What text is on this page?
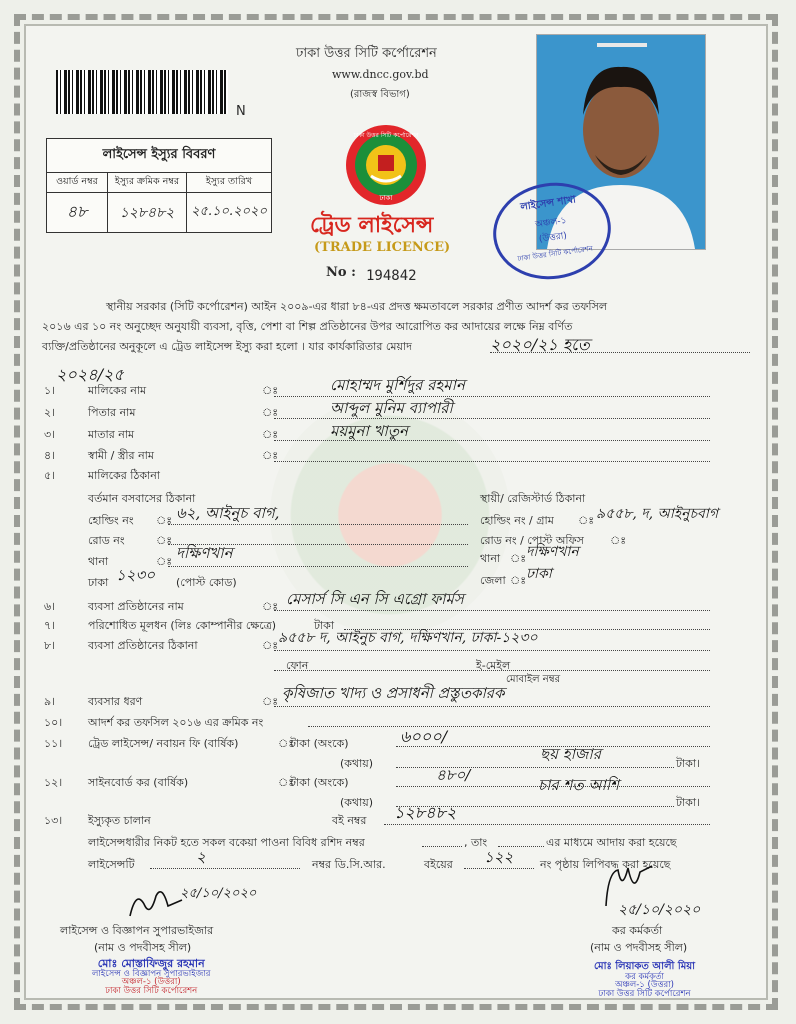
N
ঢাকা উত্তর সিটি কর্পোরেশন
www.dncc.gov.bd
(রাজস্ব বিভাগ)
ঢাকা উত্তর সিটি কর্পোরেশন
ঢাকা
ট্রেড লাইসেন্স
(TRADE LICENCE)
No : 194842
লাইসেন্স ইস্যুর বিবরণ		
ওয়ার্ড নম্বর	ইস্যুর ক্রমিক নম্বর	ইস্যুর তারিখ
৪৮	১২৮৪৮২	২৫.১০.২০২০	লাইসেন্স শাখা
অঞ্চল-১
(উত্তরা)
ঢাকা উত্তর সিটি কর্পোরেশন
স্থানীয় সরকার (সিটি কর্পোরেশন) আইন ২০০৯-এর ধারা ৮৪-এর প্রদত্ত ক্ষমতাবলে সরকার প্রণীত আদর্শ কর তফসিল
২০১৬ এর ১০ নং অনুচ্ছেদ অনুযায়ী ব্যবসা, বৃত্তি, পেশা বা শিল্প প্রতিষ্ঠানের উপর আরোপিত কর আদায়ের লক্ষে নিম্ন বর্ণিত
ব্যক্তি/প্রতিষ্ঠানের অনুকূলে এ ট্রেড লাইসেন্স ইস্যু করা হলো । যার কার্যকারিতার মেয়াদ	২০২০/২১ হতে
২০২৪/২৫
১।	মালিকের নাম	ঃ	মোহাম্মদ মুর্শিদুর রহমান
২।	পিতার নাম	ঃ	আব্দুল মুনিম ব্যাপারী
৩।	মাতার নাম	ঃ	ময়মুনা খাতুন
৪।	স্বামী / স্ত্রীর নাম	ঃ
৫।	মালিকের ঠিকানা
বর্তমান বসবাসের ঠিকানা	স্থায়ী/ রেজিস্টার্ড ঠিকানা
হোল্ডিং নং ঃ ৬২, আইনুচ বাগ,	হোল্ডিং নং / গ্রাম ঃ ৯৫৫৮, দ, আইনুচবাগ
রোড নং	ঃ	রোড নং / পোস্ট অফিস ঃ
থানা	ঃ দক্ষিণখান	থানা ঃ দক্ষিণখান
ঢাকা ১২৩০ (পোস্ট কোড)	জেলা ঃ ঢাকা
৬।	ব্যবসা প্রতিষ্ঠানের নাম	ঃ মেসার্স সি এন সি এগ্রো ফার্মস
৭।	পরিশোধিত মূলধন (লিঃ কোম্পানীর ক্ষেত্রে)	টাকা
৮।	ব্যবসা প্রতিষ্ঠানের ঠিকানা	ঃ ৯৫৫৮ দ, আইনুচ বাগ, দক্ষিণখান, ঢাকা-১২৩০
ফোন	ই-মেইল
মোবাইল নম্বর
৯।	ব্যবসার ধরণ	ঃ কৃষিজাত খাদ্য ও প্রসাধনী প্রস্তুতকারক
১০। আদর্শ কর তফসিল ২০১৬ এর ক্রমিক নং
১১। ট্রেড লাইসেন্স/ নবায়ন ফি (বার্ষিক)	ঃ
টাকা (অংকে)	৬০০০/
(কথায়)
ছয় হাজার
টাকা।
১২। সাইনবোর্ড কর (বার্ষিক)	ঃ
টাকা (অংকে)	৪৮০/
(কথায়)
চার শত আশি
টাকা।
১৩। ইস্যুকৃত চালান	বই নম্বর ১২৮৪৮২
লাইসেন্সধারীর নিকট হতে সকল বকেয়া পাওনা বিবিধ রশিদ নম্বর	, তাং	এর মাধ্যমে আদায় করা হয়েছে
লাইসেন্সটি	২	নম্বর ডি.সি.আর.	বইয়ের ১২২ নং পৃষ্ঠায় লিপিবদ্ধ করা হয়েছে
২৫/১০/২০২০
লাইসেন্স ও বিজ্ঞাপন সুপারভাইজার
(নাম ও পদবীসহ সীল)
২৫/১০/২০২০
কর কর্মকর্তা
(নাম ও পদবীসহ সীল)
মোঃ মোস্তাফিজুর রহমান
লাইসেন্স ও বিজ্ঞাপন সুপারভাইজার
অঞ্চল-১ (উত্তরা)
ঢাকা উত্তর সিটি কর্পোরেশন
মোঃ লিয়াকত আলী মিয়া
কর কর্মকর্তা
অঞ্চল-১ (উত্তরা)
ঢাকা উত্তর সিটি কর্পোরেশন
